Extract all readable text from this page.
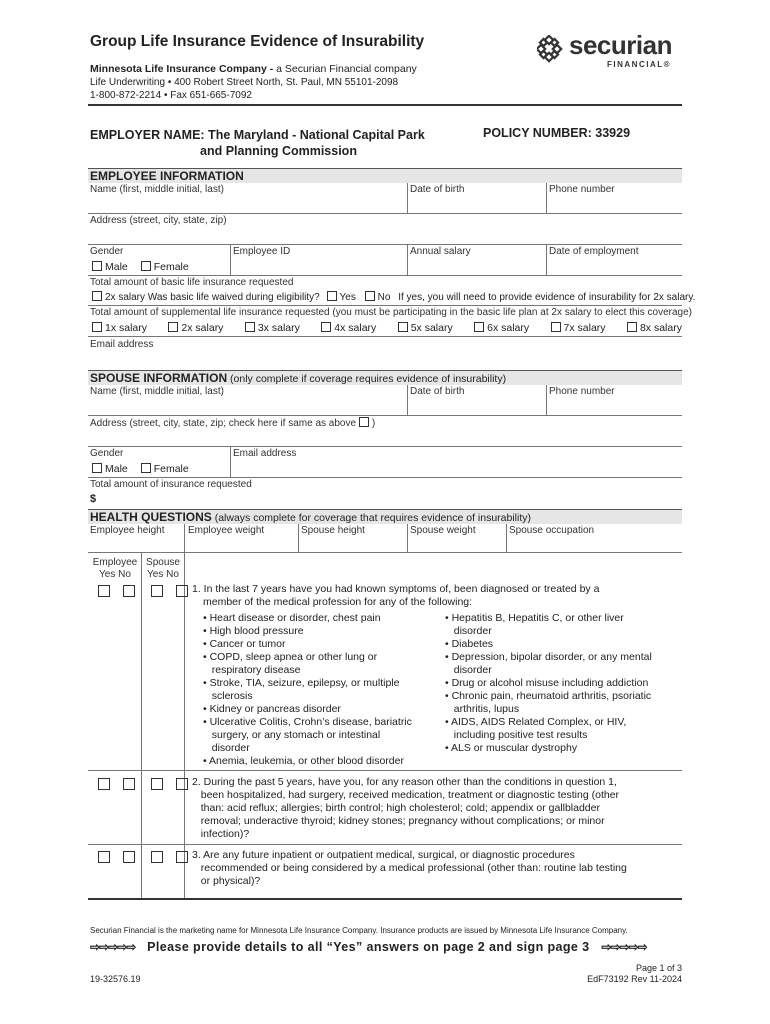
Group Life Insurance Evidence of Insurability	securian
FINANCIAL®
Minnesota Life Insurance Company - a Securian Financial company
Life Underwriting • 400 Robert Street North, St. Paul, MN 55101-2098
1-800-872-2214 • Fax 651-665-7092
EMPLOYER NAME: The Maryland - National Capital Park
and Planning Commission
POLICY NUMBER: 33929
EMPLOYEE INFORMATION
Name (first, middle initial, last)	Date of birth	Phone number
Address (street, city, state, zip)
Gender	Employee ID	Annual salary	Date of employment
Male Female
Total amount of basic life insurance requested
2x salary Was basic life waived during eligibility? Yes No If yes, you will need to provide evidence of insurability for 2x salary.
Total amount of supplemental life insurance requested (you must be participating in the basic life plan at 2x salary to elect this coverage)
1x salary	2x salary	3x salary	4x salary	5x salary	6x salary	7x salary	8x salary
Email address
SPOUSE INFORMATION (only complete if coverage requires evidence of insurability)
Name (first, middle initial, last)	Date of birth	Phone number
Address (street, city, state, zip; check here if same as above )
Gender	Email address
Male Female
Total amount of insurance requested
$
HEALTH QUESTIONS (always complete for coverage that requires evidence of insurability)
Employee height Employee weight	Spouse height	Spouse weight	Spouse occupation
Employee
Yes No
Spouse
Yes No

1. In the last 7 years have you had known symptoms of, been diagnosed or treated by a
member of the medical profession for any of the following:
• Heart disease or disorder, chest pain
• High blood pressure
• Cancer or tumor
• COPD, sleep apnea or other lung or
respiratory disease
• Stroke, TIA, seizure, epilepsy, or multiple
sclerosis
• Kidney or pancreas disorder
• Ulcerative Colitis, Crohn’s disease, bariatric
surgery, or any stomach or intestinal
disorder
• Anemia, leukemia, or other blood disorder
• Hepatitis B, Hepatitis C, or other liver
disorder
• Diabetes
• Depression, bipolar disorder, or any mental
disorder
• Drug or alcohol misuse including addiction
• Chronic pain, rheumatoid arthritis, psoriatic
arthritis, lupus
• AIDS, AIDS Related Complex, or HIV,
including positive test results
• ALS or muscular dystrophy

2. During the past 5 years, have you, for any reason other than the conditions in question 1,
been hospitalized, had surgery, received medication, treatment or diagnostic testing (other
than: acid reflux; allergies; birth control; high cholesterol; cold; appendix or gallbladder
removal; underactive thyroid; kidney stones; pregnancy without complications; or minor
infection)?

3. Are any future inpatient or outpatient medical, surgical, or diagnostic procedures
recommended or being considered by a medical professional (other than: routine lab testing
or physical)?
Securian Financial is the marketing name for Minnesota Life Insurance Company. Insurance products are issued by Minnesota Life Insurance Company.
⇨⇨⇨⇨⇨ Please provide details to all “Yes” answers on page 2 and sign page 3 ⇨⇨⇨⇨⇨
Page 1 of 3
19-32576.19	EdF73192 Rev 11-2024
